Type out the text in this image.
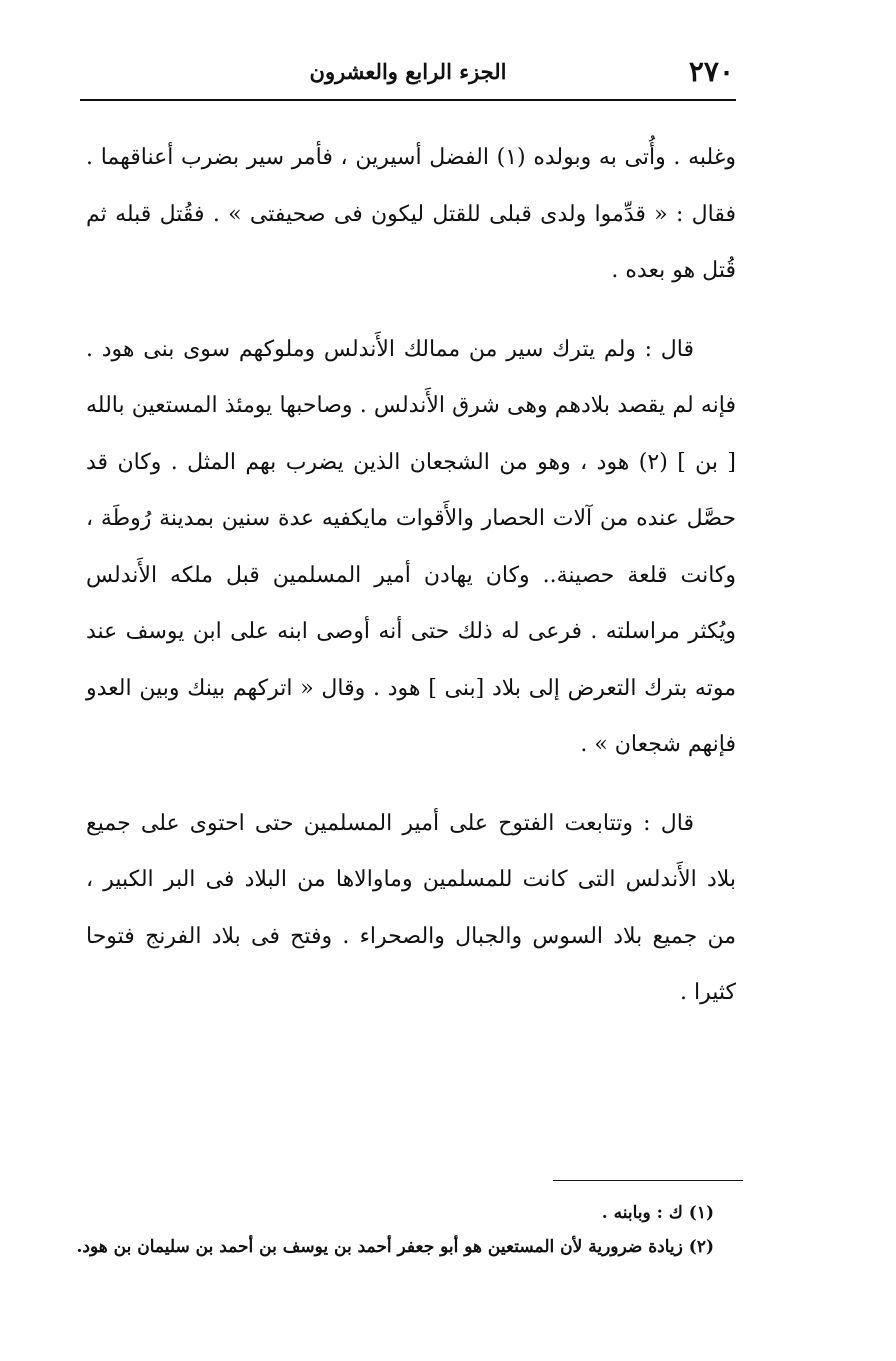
٢٧٠
الجزء الرابع والعشرون

وغلبه . وأُتى به وبولده (١) الفضل أسيرين ، فأمر سير بضرب أعناقهما . فقال : « قدِّموا ولدى قبلى للقتل ليكون فى صحيفتى » . فقُتل قبله ثم قُتل هو بعده .

قال : ولم يترك سير من ممالك الأَندلس وملوكهم سوى بنى هود . فإنه لم يقصد بلادهم وهى شرق الأَندلس . وصاحبها يومئذ المستعين بالله [ بن ] (٢) هود ، وهو من الشجعان الذين يضرب بهم المثل . وكان قد حصَّل عنده من آلات الحصار والأَقوات مايكفيه عدة سنين بمدينة رُوطَة ، وكانت قلعة حصينة.. وكان يهادن أمير المسلمين قبل ملكه الأَندلس ويُكثر مراسلته . فرعى له ذلك حتى أنه أوصى ابنه على ابن يوسف عند موته بترك التعرض إلى بلاد [بنى ] هود . وقال « اتركهم بينك وبين العدو فإنهم شجعان » .

قال : وتتابعت الفتوح على أمير المسلمين حتى احتوى على جميع بلاد الأَندلس التى كانت للمسلمين وماوالاها من البلاد فى البر الكبير ، من جميع بلاد السوس والجبال والصحراء . وفتح فى بلاد الفرنج فتوحا كثيرا .

(١) ك : وبابنه .

(٢) زيادة ضرورية لأن المستعين هو أبو جعفر أحمد بن يوسف بن أحمد بن سليمان بن هود.
